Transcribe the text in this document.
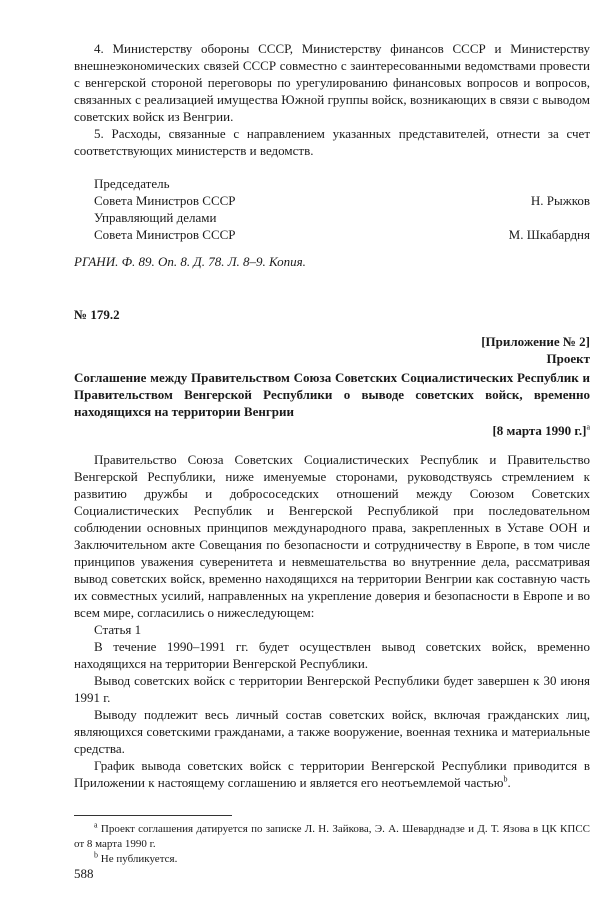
4. Министерству обороны СССР, Министерству финансов СССР и Министерству внешнеэкономических связей СССР совместно с заинтересованными ведомствами провести с венгерской стороной переговоры по урегулированию финансовых вопросов и вопросов, связанных с реализацией имущества Южной группы войск, возникающих в связи с выводом советских войск из Венгрии.

5. Расходы, связанные с направлением указанных представителей, отнести за счет соответствующих министерств и ведомств.

Председатель
Совета Министров СССР	Н. Рыжков
Управляющий делами
Совета Министров СССР	М. Шкабардня
РГАНИ. Ф. 89. Оп. 8. Д. 78. Л. 8–9. Копия.
№ 179.2
[Приложение № 2]
Проект
Соглашение между Правительством Союза Советских Социалистических Республик и Правительством Венгерской Республики о выводе советских войск, временно находящихся на территории Венгрии
[8 марта 1990 г.]$^a$

Правительство Союза Советских Социалистических Республик и Правительство Венгерской Республики, ниже именуемые сторонами, руководствуясь стремлением к развитию дружбы и добрососедских отношений между Союзом Советских Социалистических Республик и Венгерской Республикой при последовательном соблюдении основных принципов международного права, закрепленных в Уставе ООН и Заключительном акте Совещания по безопасности и сотрудничеству в Европе, в том числе принципов уважения суверенитета и невмешательства во внутренние дела, рассматривая вывод советских войск, временно находящихся на территории Венгрии как составную часть их совместных усилий, направленных на укрепление доверия и безопасности в Европе и во всем мире, согласились о нижеследующем:

Статья 1

В течение 1990–1991 гг. будет осуществлен вывод советских войск, временно находящихся на территории Венгерской Республики.

Вывод советских войск с территории Венгерской Республики будет завершен к 30 июня 1991 г.

Выводу подлежит весь личный состав советских войск, включая гражданских лиц, являющихся советскими гражданами, а также вооружение, военная техника и материальные средства.

График вывода советских войск с территории Венгерской Республики приводится в Приложении к настоящему соглашению и является его неотъемлемой частью$^b$.

$^a$ Проект соглашения датируется по записке Л. Н. Зайкова, Э. А. Шеварднадзе и Д. Т. Язова в ЦК КПСС от 8 марта 1990 г.
$^b$ Не публикуется.
588
